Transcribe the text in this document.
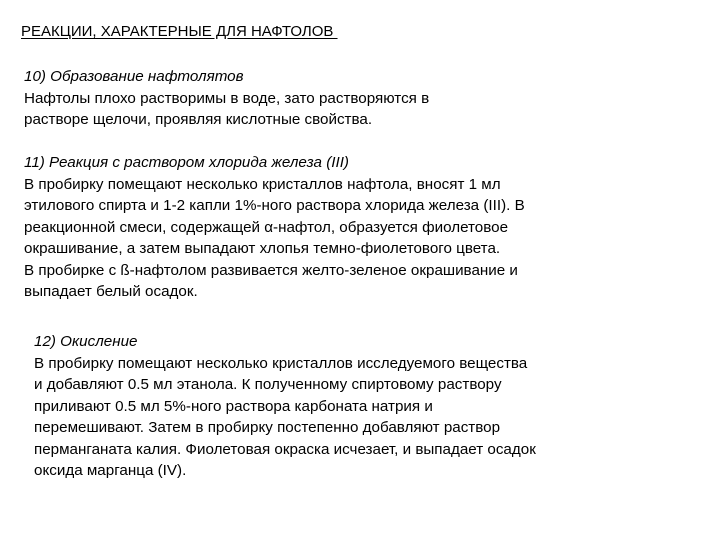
РЕАКЦИИ, ХАРАКТЕРНЫЕ ДЛЯ НАФТОЛОВ
10) Образование нафтолятов
Нафтолы плохо растворимы в воде, зато растворяются в
растворе щелочи, проявляя кислотные свойства.
11) Реакция с раствором хлорида железа (III)
В пробирку помещают несколько кристаллов нафтола, вносят 1 мл
этилового спирта и 1-2 капли 1%-ного раствора хлорида железа (III). В
реакционной смеси, содержащей α-нафтол, образуется фиолетовое
окрашивание, а затем выпадают хлопья темно-фиолетового цвета.
В пробирке с ß-нафтолом развивается желто-зеленое окрашивание и
выпадает белый осадок.
12) Окисление
В пробирку помещают несколько кристаллов исследуемого вещества
и добавляют 0.5 мл этанола. К полученному спиртовому раствору
приливают 0.5 мл 5%-ного раствора карбоната натрия и
перемешивают. Затем в пробирку постепенно добавляют раствор
перманганата калия. Фиолетовая окраска исчезает, и выпадает осадок
оксида марганца (IV).
